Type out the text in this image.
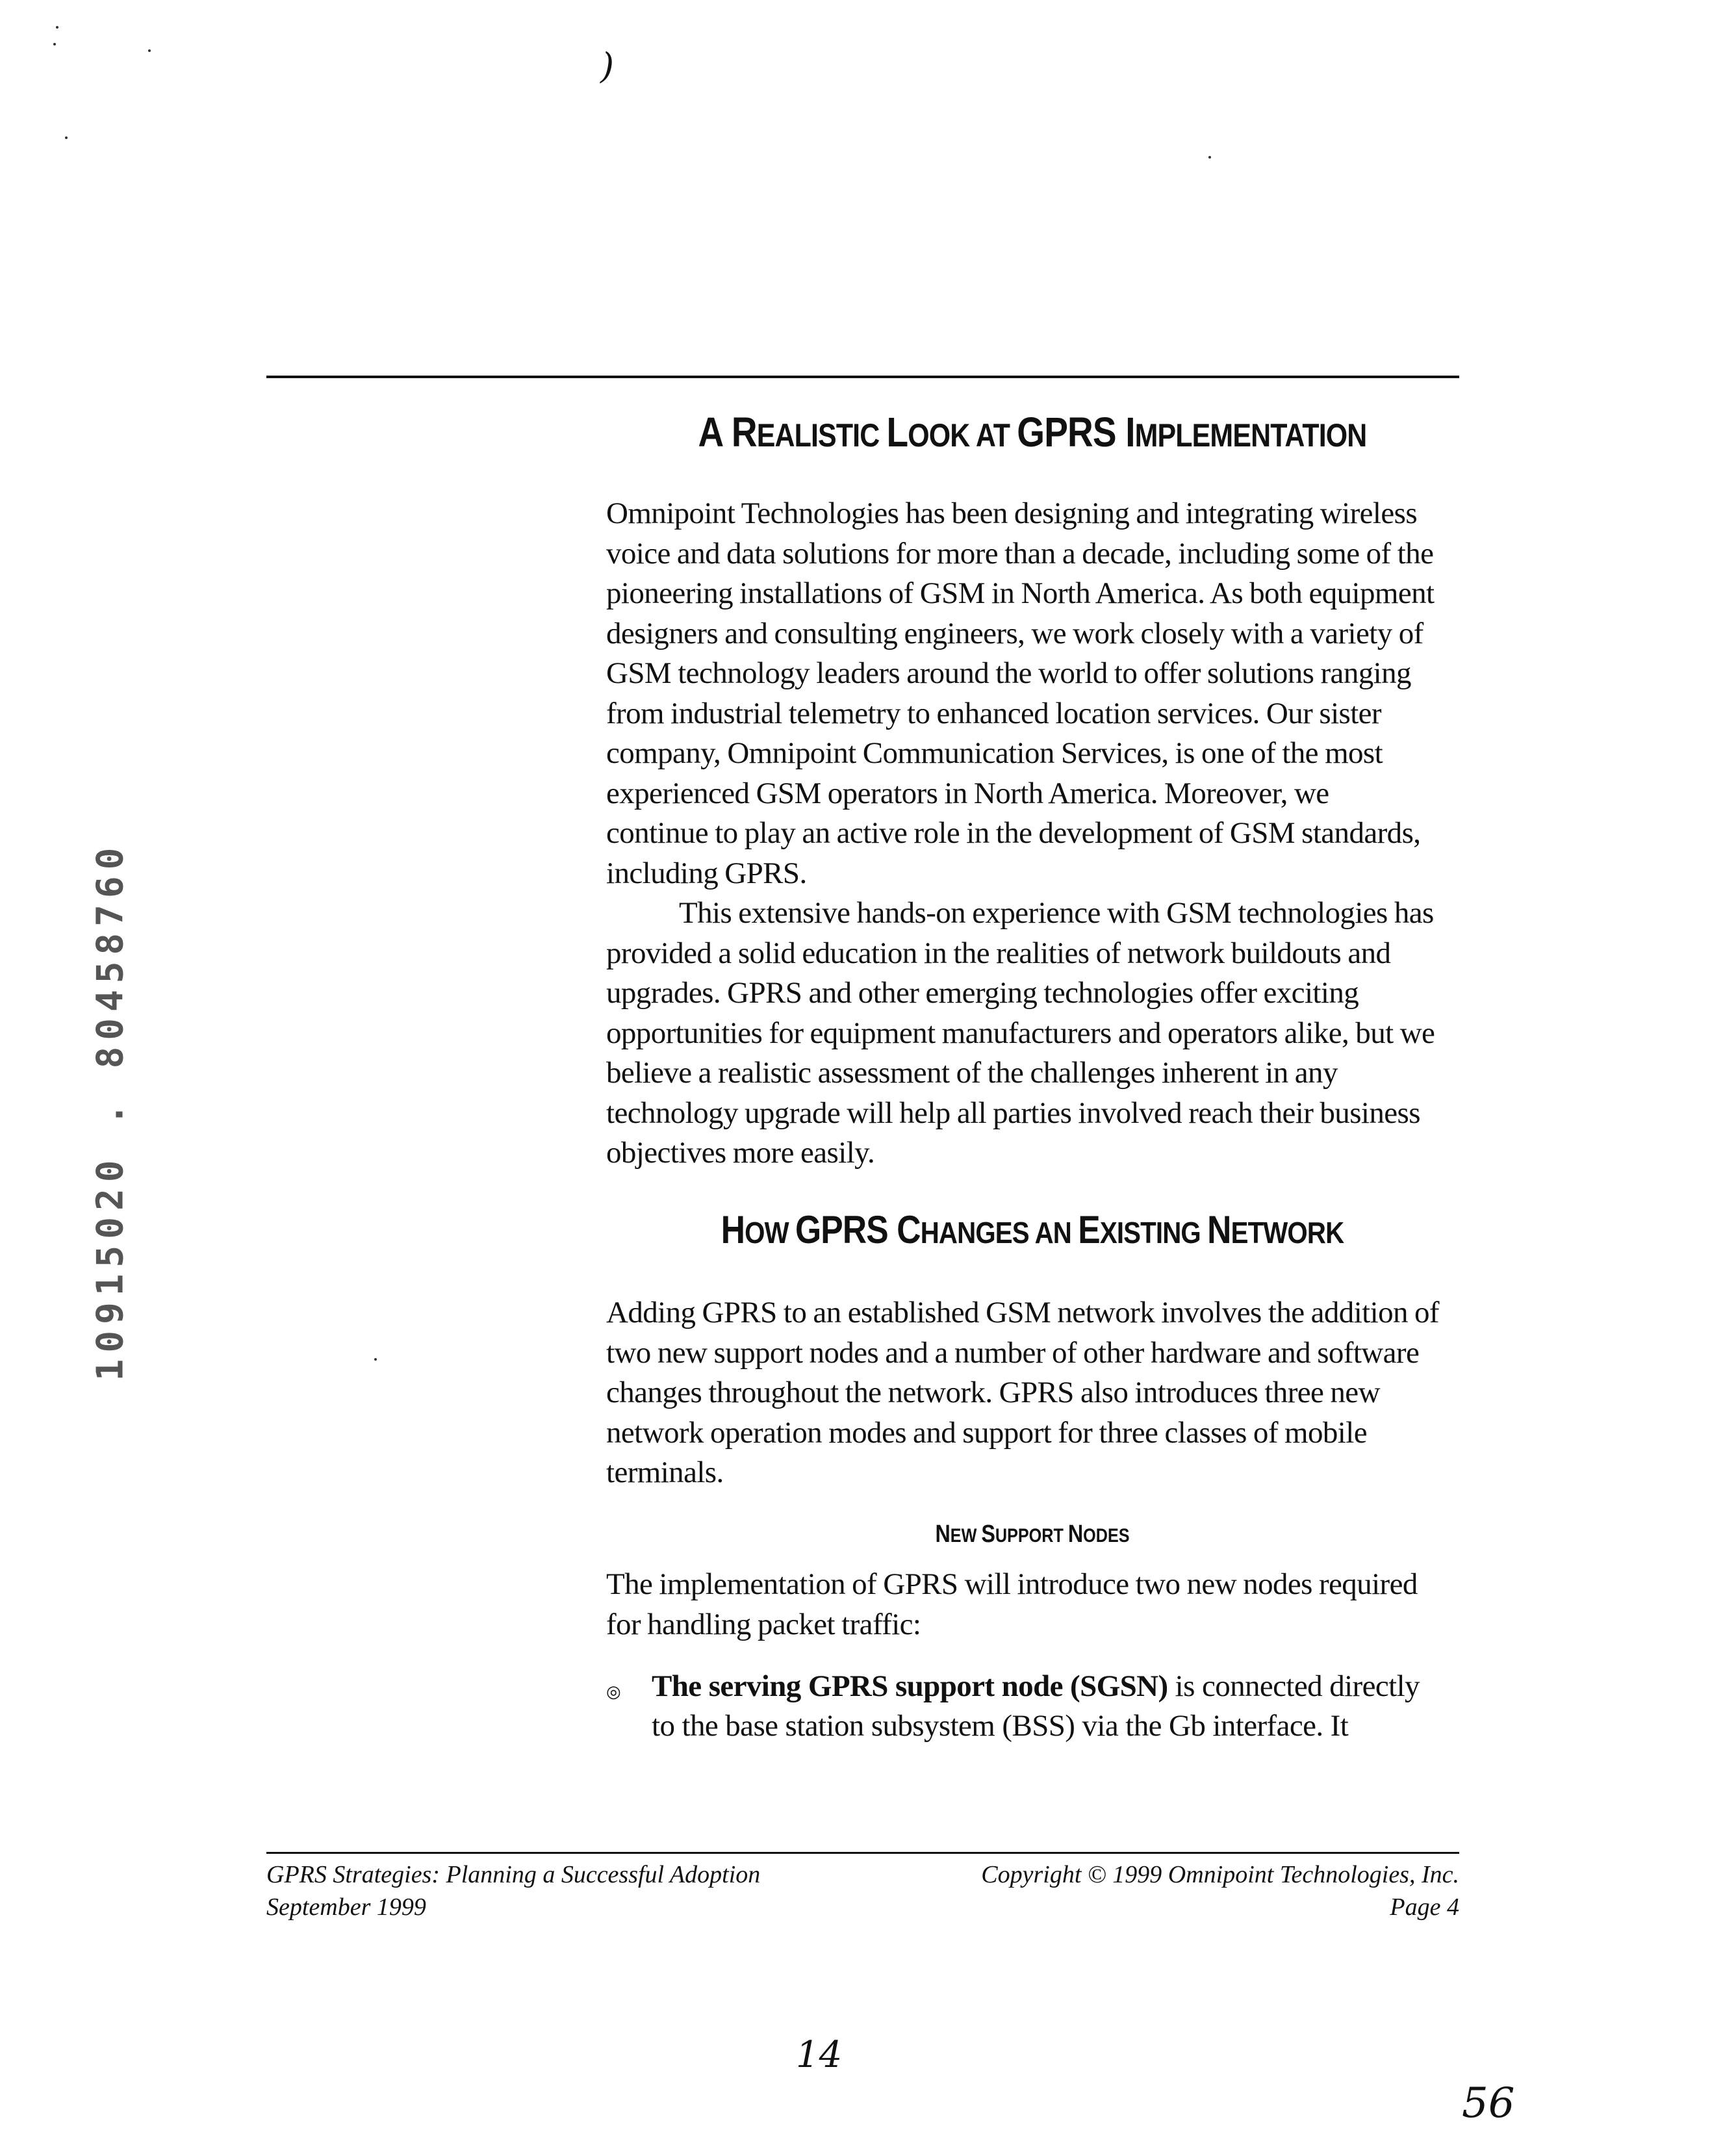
)
A REALISTIC LOOK AT GPRS IMPLEMENTATION
Omnipoint Technologies has been designing and integrating wireless
voice and data solutions for more than a decade, including some of the
pioneering installations of GSM in North America. As both equipment
designers and consulting engineers, we work closely with a variety of
GSM technology leaders around the world to offer solutions ranging
from industrial telemetry to enhanced location services. Our sister
company, Omnipoint Communication Services, is one of the most
experienced GSM operators in North America. Moreover, we
continue to play an active role in the development of GSM standards,
including GPRS.
This extensive hands-on experience with GSM technologies has
provided a solid education in the realities of network buildouts and
upgrades. GPRS and other emerging technologies offer exciting
opportunities for equipment manufacturers and operators alike, but we
believe a realistic assessment of the challenges inherent in any
technology upgrade will help all parties involved reach their business
objectives more easily.
HOW GPRS CHANGES AN EXISTING NETWORK
Adding GPRS to an established GSM network involves the addition of
two new support nodes and a number of other hardware and software
changes throughout the network. GPRS also introduces three new
network operation modes and support for three classes of mobile
terminals.
NEW SUPPORT NODES
The implementation of GPRS will introduce two new nodes required
for handling packet traffic:
◎ The serving GPRS support node (SGSN) is connected directly
to the base station subsystem (BSS) via the Gb interface. It
GPRS Strategies: Planning a Successful Adoption
September 1999
Copyright © 1999 Omnipoint Technologies, Inc.
Page 4
10915020 . 80458760
14
56
